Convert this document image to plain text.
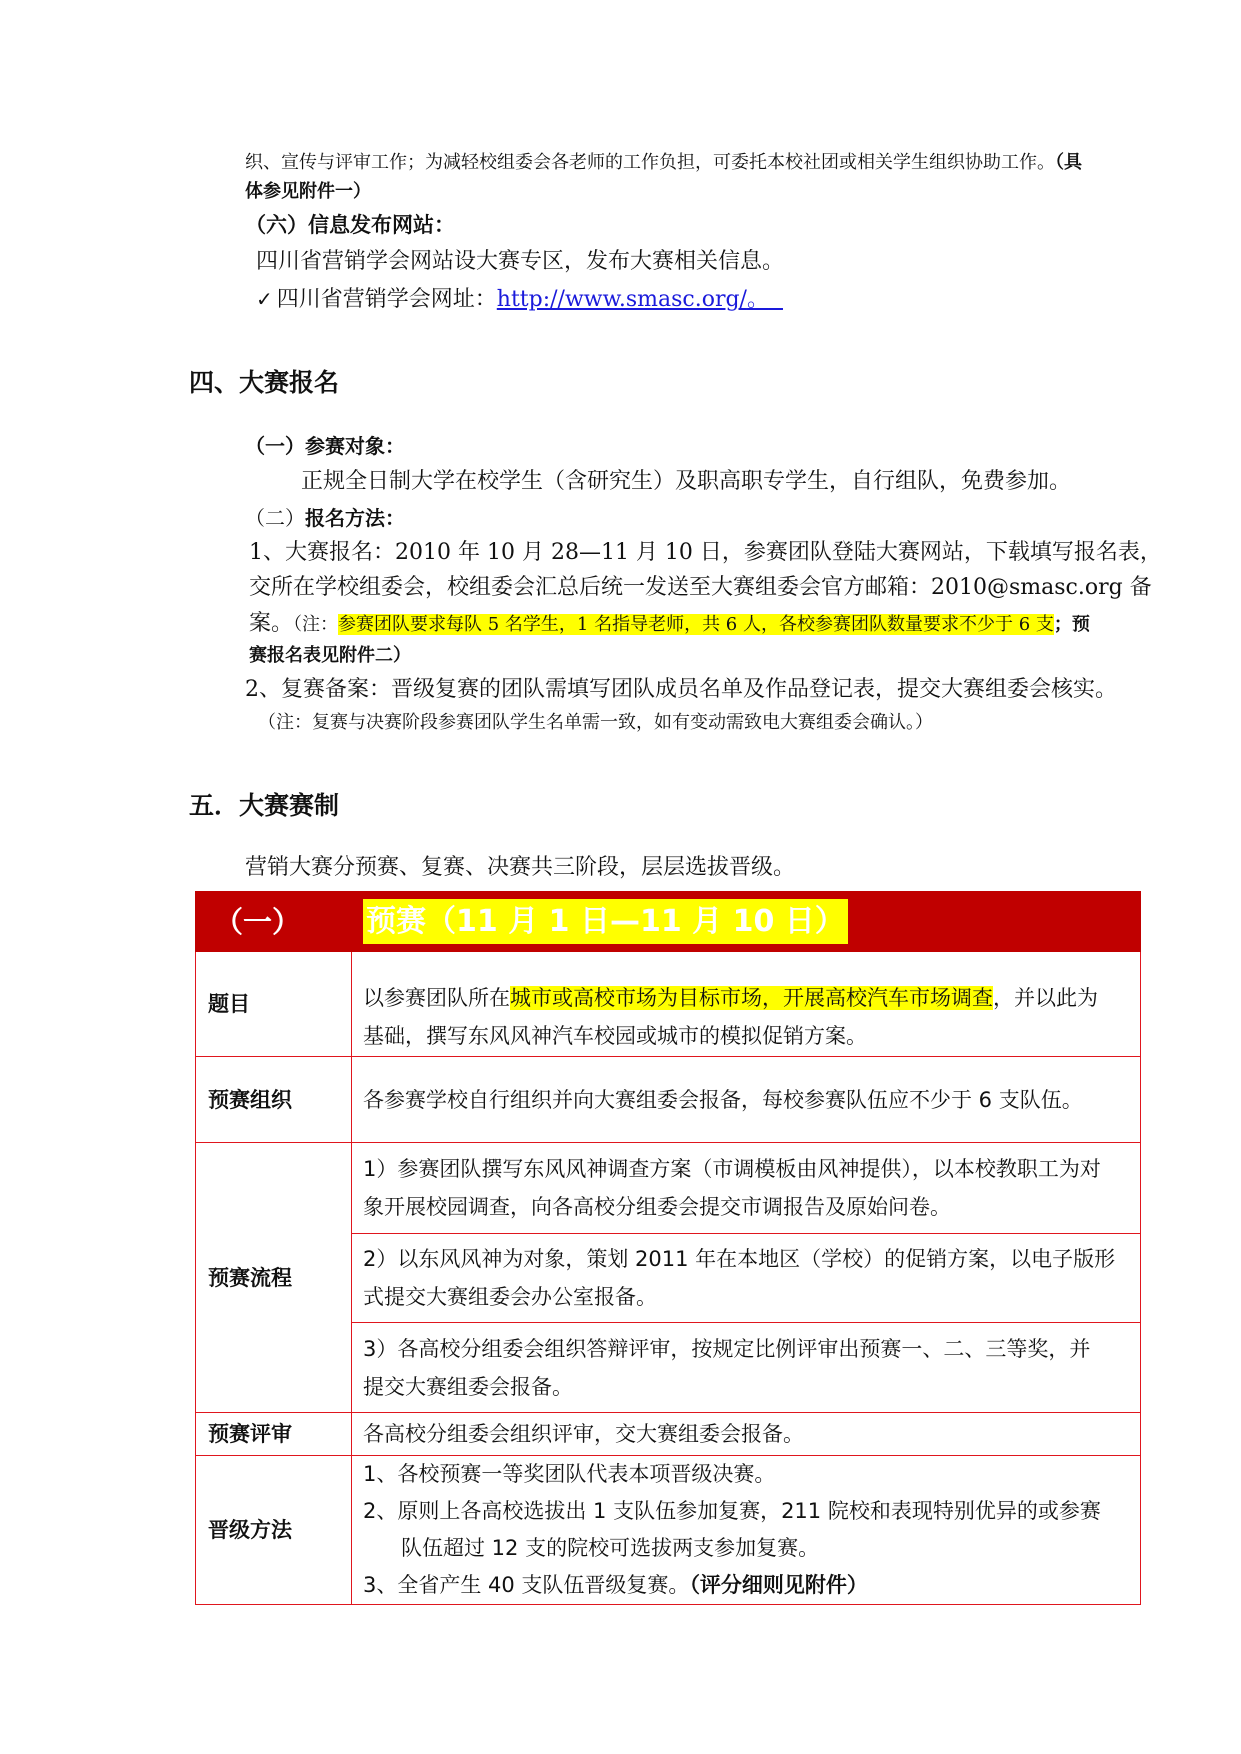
织、宣传与评审工作；为减轻校组委会各老师的工作负担，可委托本校社团或相关学生组织协助工作。（具
体参见附件一）
（六）信息发布网站：
四川省营销学会网站设大赛专区，发布大赛相关信息。
✓ 四川省营销学会网址：http://www.smasc.org/。
四、大赛报名
（一）参赛对象：
正规全日制大学在校学生（含研究生）及职高职专学生，自行组队，免费参加。
（二）报名方法：
1、大赛报名：2010 年 10 月 28—11 月 10 日，参赛团队登陆大赛网站，下载填写报名表，
交所在学校组委会，校组委会汇总后统一发送至大赛组委会官方邮箱：2010@smasc.org 备
案。（注：参赛团队要求每队 5 名学生，1 名指导老师，共 6 人，各校参赛团队数量要求不少于 6 支；预
赛报名表见附件二）
2、复赛备案：晋级复赛的团队需填写团队成员名单及作品登记表，提交大赛组委会核实。
（注：复赛与决赛阶段参赛团队学生名单需一致，如有变动需致电大赛组委会确认。）
五．大赛赛制
营销大赛分预赛、复赛、决赛共三阶段，层层选拔晋级。
（一）	预赛（11 月 1 日—11 月 10 日）
题目	以参赛团队所在城市或高校市场为目标市场，开展高校汽车市场调查，并以此为
基础，撰写东风风神汽车校园或城市的模拟促销方案。

预赛组织	各参赛学校自行组织并向大赛组委会报备，每校参赛队伍应不少于 6 支队伍。

预赛流程	1）参赛团队撰写东风风神调查方案（市调模板由风神提供），以本校教职工为对
象开展校园调查，向各高校分组委会提交市调报告及原始问卷。

	2）以东风风神为对象，策划 2011 年在本地区（学校）的促销方案，以电子版形
式提交大赛组委会办公室报备。

	3）各高校分组委会组织答辩评审，按规定比例评审出预赛一、二、三等奖，并
提交大赛组委会报备。

预赛评审	各高校分组委会组织评审，交大赛组委会报备。

晋级方法	1、各校预赛一等奖团队代表本项晋级决赛。
2、原则上各高校选拔出 1 支队伍参加复赛，211 院校和表现特别优异的或参赛
队伍超过 12 支的院校可选拔两支参加复赛。
3、全省产生 40 支队伍晋级复赛。（评分细则见附件）
